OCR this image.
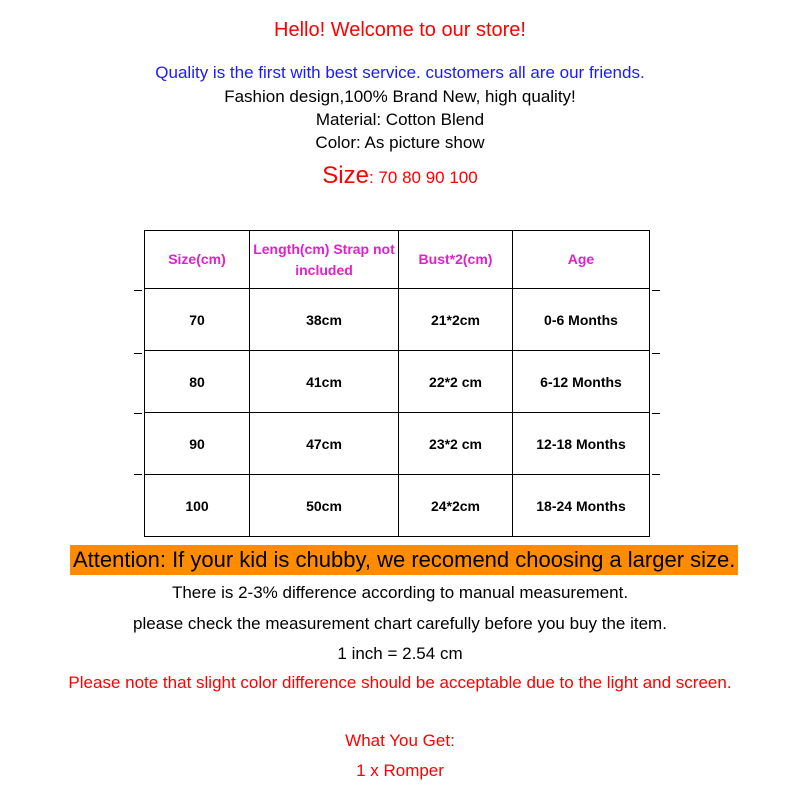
Hello! Welcome to our store!
Quality is the first with best service. customers all are our friends.
Fashion design,100% Brand New, high quality!
Material: Cotton Blend
Color: As picture show
Size: 70 80 90 100
Size(cm)	Length(cm) Strap not included	Bust*2(cm)	Age
70	38cm	21*2cm	0-6 Months
80	41cm	22*2 cm	6-12 Months
90	47cm	23*2 cm	12-18 Months
100	50cm	24*2cm	18-24 Months
Attention: If your kid is chubby, we recomend choosing a larger size.
There is 2-3% difference according to manual measurement.
please check the measurement chart carefully before you buy the item.
1 inch = 2.54 cm
Please note that slight color difference should be acceptable due to the light and screen.
What You Get:
1 x Romper
